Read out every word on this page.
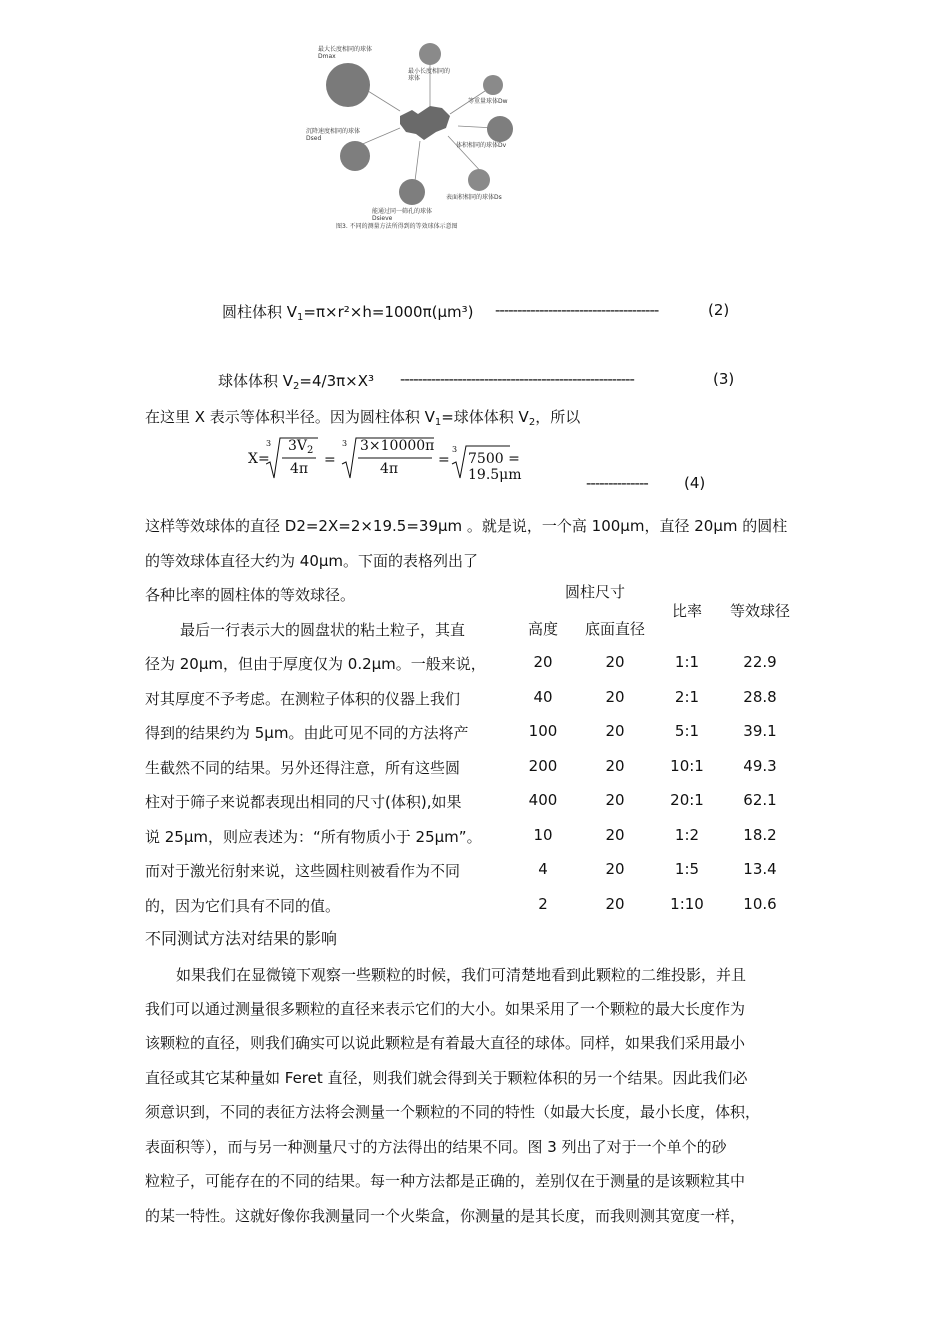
最大长度相同的球体Dmax
最小长度相同的球体
等重量球体Dw
体积相同的球体Dv
表面积相同的球体Ds
能通过同一筛孔的球体Dsieve
沉降速度相同的球体Dsed
图3. 不同的测量方法所得到的等效球体示意图
圆柱体积 $V_1=\pi\times r^2\times h=1000\pi(\mu m^3)$ -------------------------------------	(2)
球体体积 $V_2=4/3\pi\times X^3$ -----------------------------------------------------	(3)
在这里 X 表示等体积半径。因为圆柱体积 $V_1=$球体体积 $V_2$，所以
X=
3	3
3
=	=
$3V_2$
4π
3×10000π
4π
7500 = 19.5μm	-------------- (4)
这样等效球体的直径 D2=2X=2×19.5=39μm 。就是说，一个高 100μm，直径 20μm 的圆柱
的等效球体直径大约为 40μm。下面的表格列出了
各种比率的圆柱体的等效球径。
最后一行表示大的圆盘状的粘土粒子，其直
径为 20μm，但由于厚度仅为 0.2μm。一般来说，
对其厚度不予考虑。在测粒子体积的仪器上我们
得到的结果约为 5μm。由此可见不同的方法将产
生截然不同的结果。另外还得注意，所有这些圆
柱对于筛子来说都表现出相同的尺寸(体积),如果
说 25μm，则应表述为：“所有物质小于 25μm”。
而对于激光衍射来说，这些圆柱则被看作为不同
的，因为它们具有不同的值。
圆柱尺寸
高度	底面直径
比率	等效球径
20	20	1:1	22.9
40	20	2:1	28.8
100	20	5:1	39.1
200	20	10:1	49.3
400	20	20:1	62.1
10	20	1:2	18.2
4	20	1:5	13.4
2	20	1:10	10.6
不同测试方法对结果的影响
如果我们在显微镜下观察一些颗粒的时候，我们可清楚地看到此颗粒的二维投影，并且
我们可以通过测量很多颗粒的直径来表示它们的大小。如果采用了一个颗粒的最大长度作为
该颗粒的直径，则我们确实可以说此颗粒是有着最大直径的球体。同样，如果我们采用最小
直径或其它某种量如 Feret 直径，则我们就会得到关于颗粒体积的另一个结果。因此我们必
须意识到，不同的表征方法将会测量一个颗粒的不同的特性（如最大长度，最小长度，体积，
表面积等），而与另一种测量尺寸的方法得出的结果不同。图 3 列出了对于一个单个的砂
粒粒子，可能存在的不同的结果。每一种方法都是正确的，差别仅在于测量的是该颗粒其中
的某一特性。这就好像你我测量同一个火柴盒，你测量的是其长度，而我则测其宽度一样，
